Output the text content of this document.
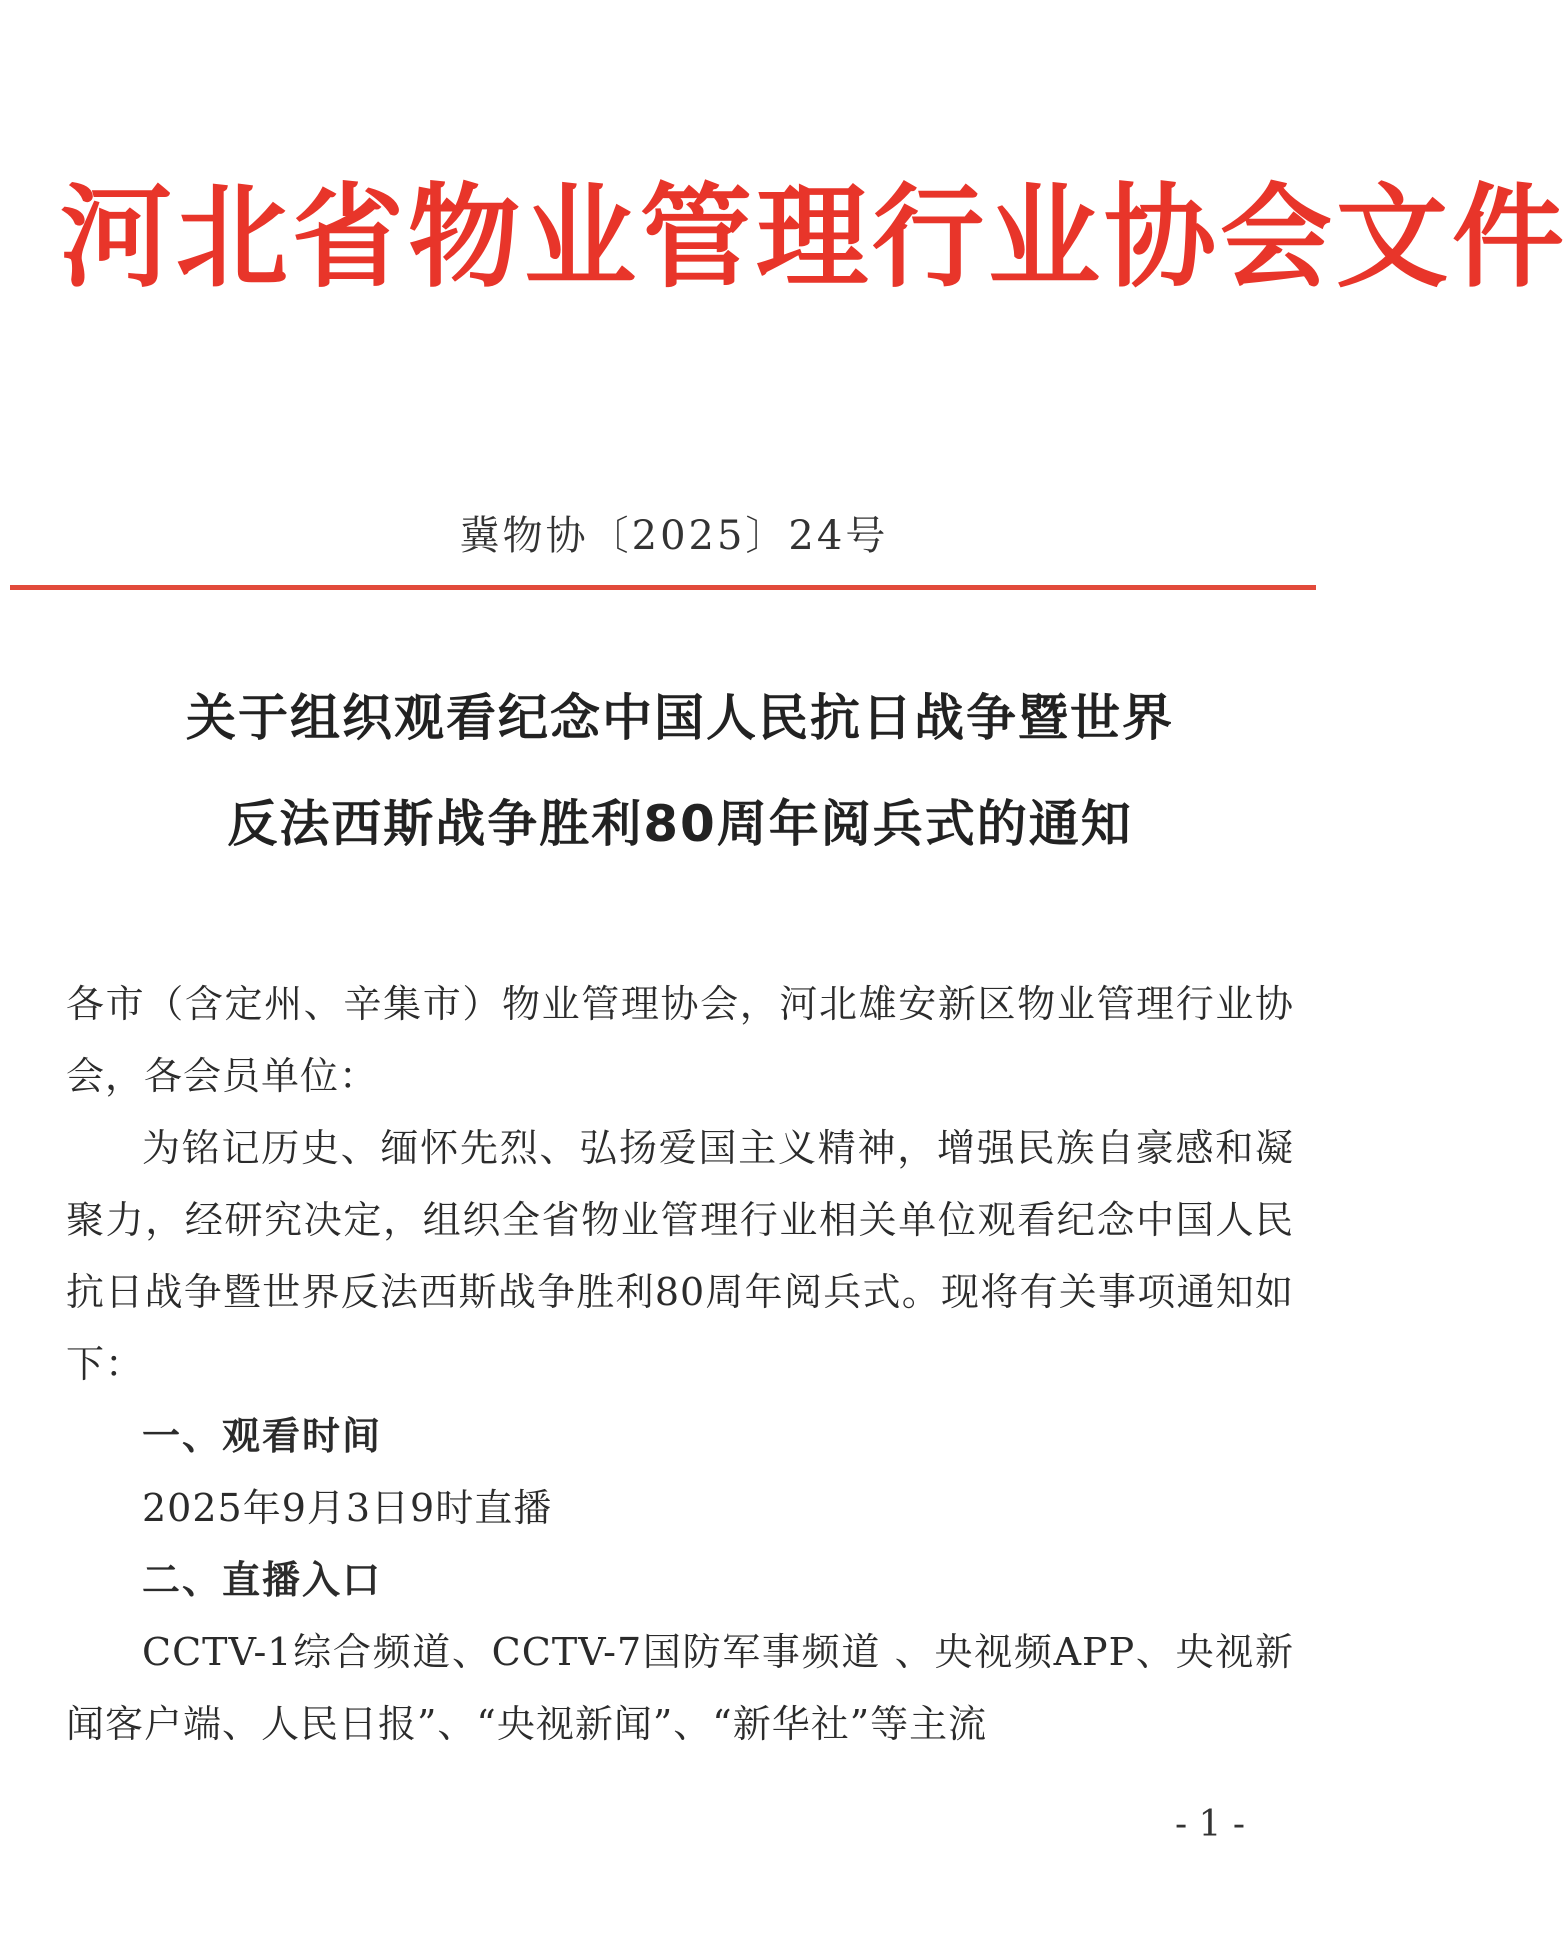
河北省物业管理行业协会文件
冀物协〔2025〕24号
关于组织观看纪念中国人民抗日战争暨世界
反法西斯战争胜利80周年阅兵式的通知

各市（含定州、辛集市）物业管理协会，河北雄安新区物业管理行业协会，各会员单位：

为铭记历史、缅怀先烈、弘扬爱国主义精神，增强民族自豪感和凝聚力，经研究决定，组织全省物业管理行业相关单位观看纪念中国人民抗日战争暨世界反法西斯战争胜利80周年阅兵式。现将有关事项通知如下：

一、观看时间

2025年9月3日9时直播

二、直播入口

CCTV-1综合频道、CCTV-7国防军事频道 、央视频APP、央视新闻客户端、人民日报”、“央视新闻”、“新华社”等主流

- 1 -
